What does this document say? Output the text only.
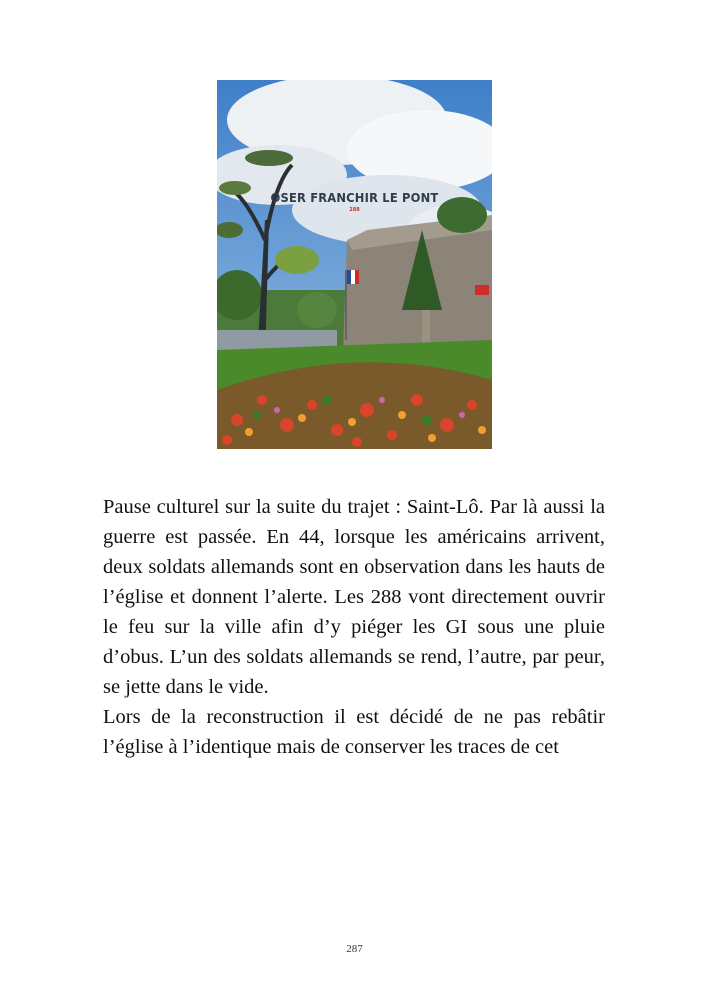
OSER FRANCHIR LE PONT
288

Pause culturel sur la suite du trajet : Saint-Lô. Par là aussi la guerre est passée. En 44, lorsque les américains arrivent, deux soldats allemands sont en observation dans les hauts de l’église et donnent l’alerte. Les 288 vont directement ouvrir le feu sur la ville afin d’y piéger les GI sous une pluie d’obus. L’un des soldats allemands se rend, l’autre, par peur, se jette dans le vide.

Lors de la reconstruction il est décidé de ne pas rebâtir l’église à l’identique mais de conserver les traces de cet

287
